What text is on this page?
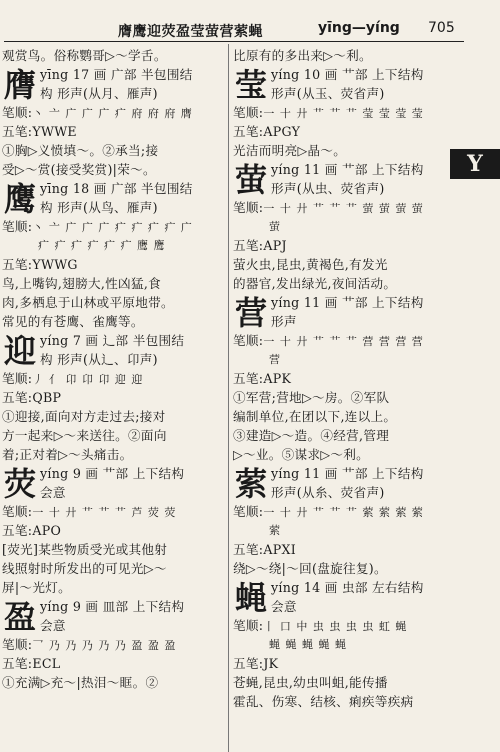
膺鹰迎荧盈莹萤营萦蝇	yīng—yíng 705
Y
观赏鸟。俗称鹦哥▷～学舌。
膺 yīng 17 画 广部 半包围结
构 形声(从月、雁声)
笔顺:丶 亠 广 广 广 疒 府 府 府 膺
五笔:YWWE
①胸▷义愤填～。②承当;接
受▷～赏(接受奖赏)|荣～。
鹰 yīng 18 画 广部 半包围结
构 形声(从鸟、雁声)
笔顺:丶 亠 广 广 广 疒 疒 疒 疒 广
疒 疒 疒 疒 疒 疒 鹰 鹰
五笔:YWWG
鸟,上嘴钩,翅膀大,性凶猛,食
肉,多栖息于山林或平原地带。
常见的有苍鹰、雀鹰等。
迎 yíng 7 画 辶部 半包围结
构 形声(从辶、卬声)
笔顺:丿 亻 卬 卬 卬 迎 迎
五笔:QBP
①迎接,面向对方走过去;接对
方一起来▷～来送往。②面向
着;正对着▷～头痛击。
荧 yíng 9 画 艹部 上下结构
会意
笔顺:一 十 廾 艹 艹 艹 芦 荧 荧
五笔:APO
[荧光]某些物质受光或其他射
线照射时所发出的可见光▷～
屏|～光灯。
盈 yíng 9 画 皿部 上下结构
会意
笔顺:乛 乃 乃 乃 乃 乃 盈 盈 盈
五笔:ECL
①充满▷充～|热泪～眶。②
比原有的多出来▷～利。
莹 yíng 10 画 艹部 上下结构
形声(从玉、荧省声)
笔顺:一 十 廾 艹 艹 艹 莹 莹 莹 莹
五笔:APGY
光洁而明亮▷晶～。
萤 yíng 11 画 艹部 上下结构
形声(从虫、荧省声)
笔顺:一 十 廾 艹 艹 艹 萤 萤 萤 萤
萤
五笔:APJ
萤火虫,昆虫,黄褐色,有发光
的器官,发出绿光,夜间活动。
营 yíng 11 画 艹部 上下结构
形声
笔顺:一 十 廾 艹 艹 艹 营 营 营 营
营
五笔:APK
①军营;营地▷～房。②军队
编制单位,在团以下,连以上。
③建造▷～造。④经营,管理
▷～业。⑤谋求▷～利。
萦 yíng 11 画 艹部 上下结构
形声(从糸、荧省声)
笔顺:一 十 廾 艹 艹 艹 萦 萦 萦 萦
萦
五笔:APXI
绕▷～绕|～回(盘旋往复)。
蝇 yíng 14 画 虫部 左右结构
会意
笔顺:丨 口 中 虫 虫 虫 虫 虹 蝇
蝇 蝇 蝇 蝇 蝇
五笔:JK
苍蝇,昆虫,幼虫叫蛆,能传播
霍乱、伤寒、结核、痢疾等疾病
